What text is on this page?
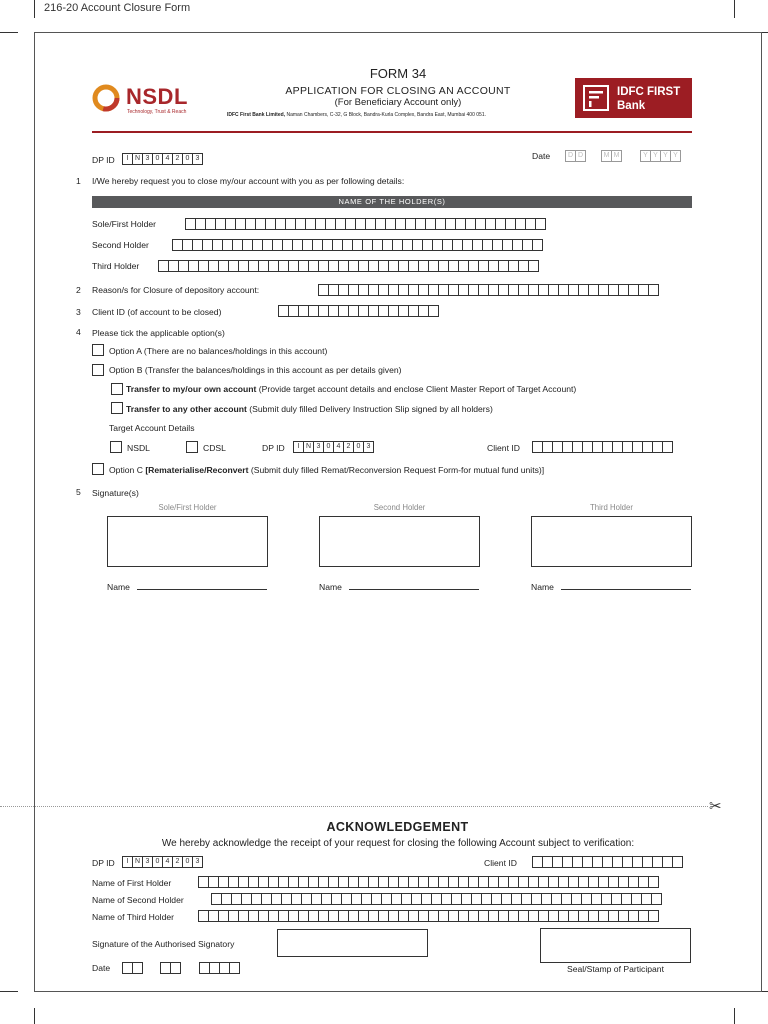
216-20 Account Closure Form
NSDL
Technology, Trust & Reach
FORM 34
APPLICATION FOR CLOSING AN ACCOUNT
(For Beneficiary Account only)
IDFC First Bank Limited, Naman Chambers, C-32, G Block, Bandra-Kurla Complex, Bandra East, Mumbai 400 051.
IDFC FIRST
Bank
DP ID	I N 3 0 4 2 0 3	Date	D D	M M	Y Y Y Y
1 I/We hereby request you to close my/our account with you as per following details:
NAME OF THE HOLDER(S)
Sole/First Holder
Second Holder
Third Holder
2 Reason/s for Closure of depository account:
3 Client ID (of account to be closed)
4 Please tick the applicable option(s)
Option A (There are no balances/holdings in this account)
Option B (Transfer the balances/holdings in this account as per details given)
Transfer to my/our own account (Provide target account details and enclose Client Master Report of Target Account)
Transfer to any other account (Submit duly filled Delivery Instruction Slip signed by all holders)
Target Account Details
NSDL	CDSL	DP ID	I N 3 0 4 2 0 3	Client ID
Option C [Rematerialise/Reconvert (Submit duly filled Remat/Reconversion Request Form-for mutual fund units)]
5 Signature(s)
Sole/First Holder	Second Holder	Third Holder
Name	Name	Name
✂
ACKNOWLEDGEMENT
We hereby acknowledge the receipt of your request for closing the following Account subject to verification:
DP ID	I N 3 0 4 2 0 3	Client ID
Name of First Holder
Name of Second Holder
Name of Third Holder
Signature of the Authorised Signatory
Seal/Stamp of Participant
Date
